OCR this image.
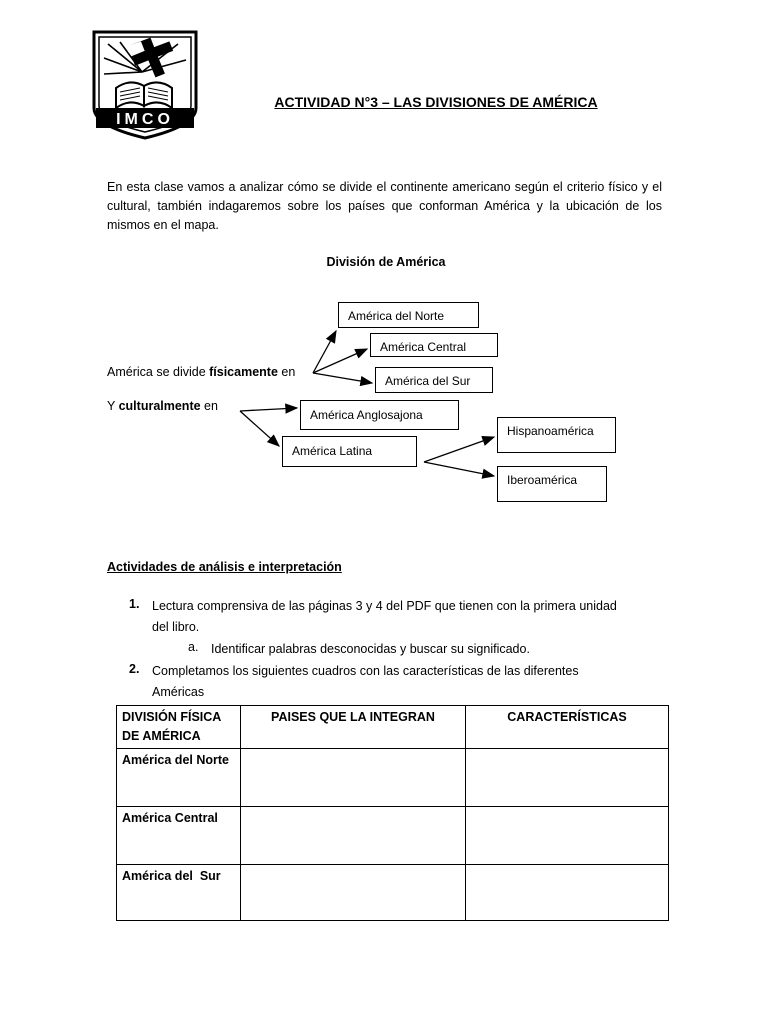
IMCO
ACTIVIDAD N°3 – LAS DIVISIONES DE AMÉRICA
En esta clase vamos a analizar cómo se divide el continente americano según el criterio físico y el cultural, también indagaremos sobre los países que conforman América y la ubicación de los mismos en el mapa.
División de América
América del Norte
América Central
América del Sur
América se divide físicamente en
Y culturalmente en
América Anglosajona
América Latina
Hispanoamérica
Iberoamérica
Actividades de análisis e interpretación
1. Lectura comprensiva de las páginas 3 y 4 del PDF que tienen con la primera unidad
del libro.
a. Identificar palabras desconocidas y buscar su significado.
2. Completamos los siguientes cuadros con las características de las diferentes
Américas
DIVISIÓN FÍSICA DE AMÉRICA	PAISES QUE LA INTEGRAN	CARACTERÍSTICAS
América del Norte		
América Central		
América del  Sur		
